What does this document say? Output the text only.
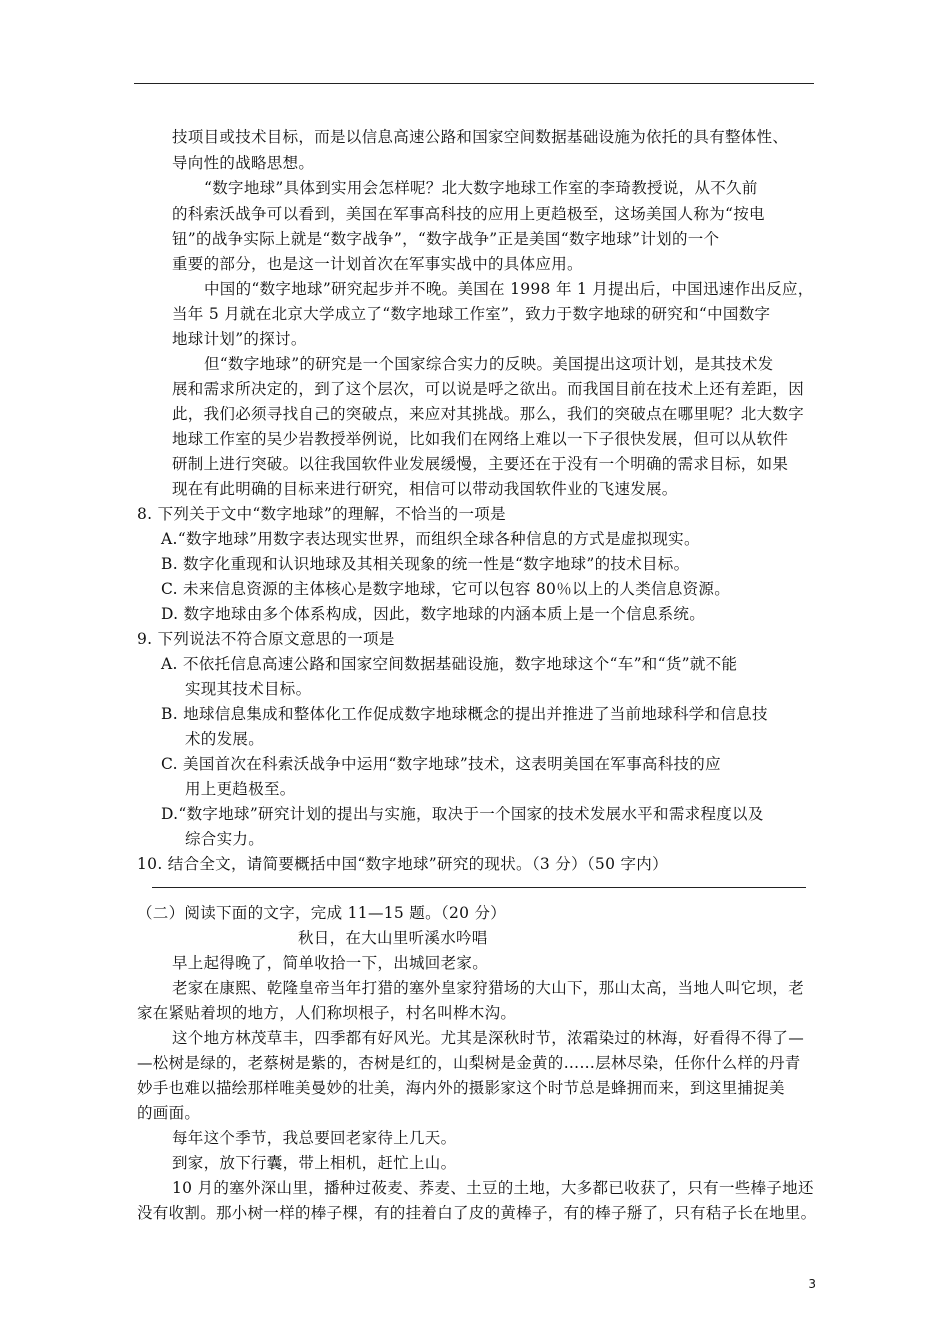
技项目或技术目标，而是以信息高速公路和国家空间数据基础设施为依托的具有整体性、
导向性的战略思想。
“数字地球”具体到实用会怎样呢？北大数字地球工作室的李琦教授说，从不久前
的科索沃战争可以看到，美国在军事高科技的应用上更趋极至，这场美国人称为“按电
钮”的战争实际上就是“数字战争”，“数字战争”正是美国“数字地球”计划的一个
重要的部分，也是这一计划首次在军事实战中的具体应用。
中国的“数字地球”研究起步并不晚。美国在 1998 年 1 月提出后，中国迅速作出反应，
当年 5 月就在北京大学成立了“数字地球工作室”，致力于数字地球的研究和“中国数字
地球计划”的探讨。
但“数字地球”的研究是一个国家综合实力的反映。美国提出这项计划，是其技术发
展和需求所决定的，到了这个层次，可以说是呼之欲出。而我国目前在技术上还有差距，因
此，我们必须寻找自己的突破点，来应对其挑战。那么，我们的突破点在哪里呢？北大数字
地球工作室的吴少岩教授举例说，比如我们在网络上难以一下子很快发展，但可以从软件
研制上进行突破。以往我国软件业发展缓慢，主要还在于没有一个明确的需求目标，如果
现在有此明确的目标来进行研究，相信可以带动我国软件业的飞速发展。
8. 下列关于文中“数字地球”的理解，不恰当的一项是
A.“数字地球”用数字表达现实世界，而组织全球各种信息的方式是虚拟现实。
B. 数字化重现和认识地球及其相关现象的统一性是“数字地球”的技术目标。
C. 未来信息资源的主体核心是数字地球，它可以包容 80％以上的人类信息资源。
D. 数字地球由多个体系构成，因此，数字地球的内涵本质上是一个信息系统。
9. 下列说法不符合原文意思的一项是
A. 不依托信息高速公路和国家空间数据基础设施，数字地球这个“车”和“货”就不能
实现其技术目标。
B. 地球信息集成和整体化工作促成数字地球概念的提出并推进了当前地球科学和信息技
术的发展。
C. 美国首次在科索沃战争中运用“数字地球”技术，这表明美国在军事高科技的应
用上更趋极至。
D.“数字地球”研究计划的提出与实施，取决于一个国家的技术发展水平和需求程度以及
综合实力。
10. 结合全文，请简要概括中国“数字地球”研究的现状。（3 分）（50 字内）
（二）阅读下面的文字，完成 11—15 题。（20 分）
秋日，在大山里听溪水吟唱
早上起得晚了，简单收拾一下，出城回老家。
老家在康熙、乾隆皇帝当年打猎的塞外皇家狩猎场的大山下，那山太高，当地人叫它坝，老
家在紧贴着坝的地方，人们称坝根子，村名叫桦木沟。
这个地方林茂草丰，四季都有好风光。尤其是深秋时节，浓霜染过的林海，好看得不得了—
—松树是绿的，老蔡树是紫的，杏树是红的，山梨树是金黄的……层林尽染，任你什么样的丹青
妙手也难以描绘那样唯美曼妙的壮美，海内外的摄影家这个时节总是蜂拥而来，到这里捕捉美
的画面。
每年这个季节，我总要回老家待上几天。
到家，放下行囊，带上相机，赶忙上山。
10 月的塞外深山里，播种过莜麦、荞麦、土豆的土地，大多都已收获了，只有一些棒子地还
没有收割。那小树一样的棒子棵，有的挂着白了皮的黄棒子，有的棒子掰了，只有秸子长在地里。
3
